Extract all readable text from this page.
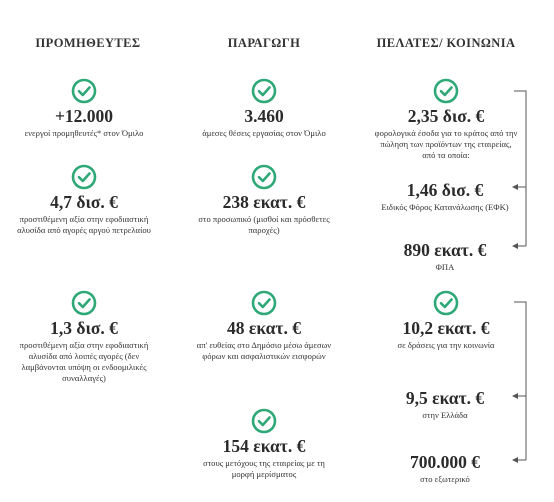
ΠΡΟΜΗΘΕΥΤΕΣ	ΠΑΡΑΓΩΓΗ	ΠΕΛΑΤΕΣ/ ΚΟΙΝΩΝΙΑ
+12.000
ενεργοί προμηθευτές* στον Όμιλο
4,7 δισ. €
προστιθέμενη αξία στην εφοδιαστική αλυσίδα από αγορές αργού πετρελαίου
1,3 δισ. €
προστιθέμενη αξία στην εφοδιαστική αλυσίδα από λοιπές αγορές (δεν λαμβάνονται υπόψη οι ενδοομιλικές συναλλαγές)
3.460
άμεσες θέσεις εργασίας στον Όμιλο
238 εκατ. €
στο προσωπικό (μισθοί και πρόσθετες παροχές)
48 εκατ. €
απ' ευθείας στο Δημόσιο μέσω άμεσων φόρων και ασφαλιστικών εισφορών
154 εκατ. €
στους μετόχους της εταιρείας με τη μορφή μερίσματος
2,35 δισ. €
φορολογικά έσοδα για το κράτος από την πώληση των προϊόντων της εταιρείας, από τα οποία:
1,46 δισ. €
Ειδικός Φόρος Κατανάλωσης (ΕΦΚ)
890 εκατ. €
ΦΠΑ
10,2 εκατ. €
σε δράσεις για την κοινωνία
9,5 εκατ. €
στην Ελλάδα
700.000 €
στο εξωτερικό
